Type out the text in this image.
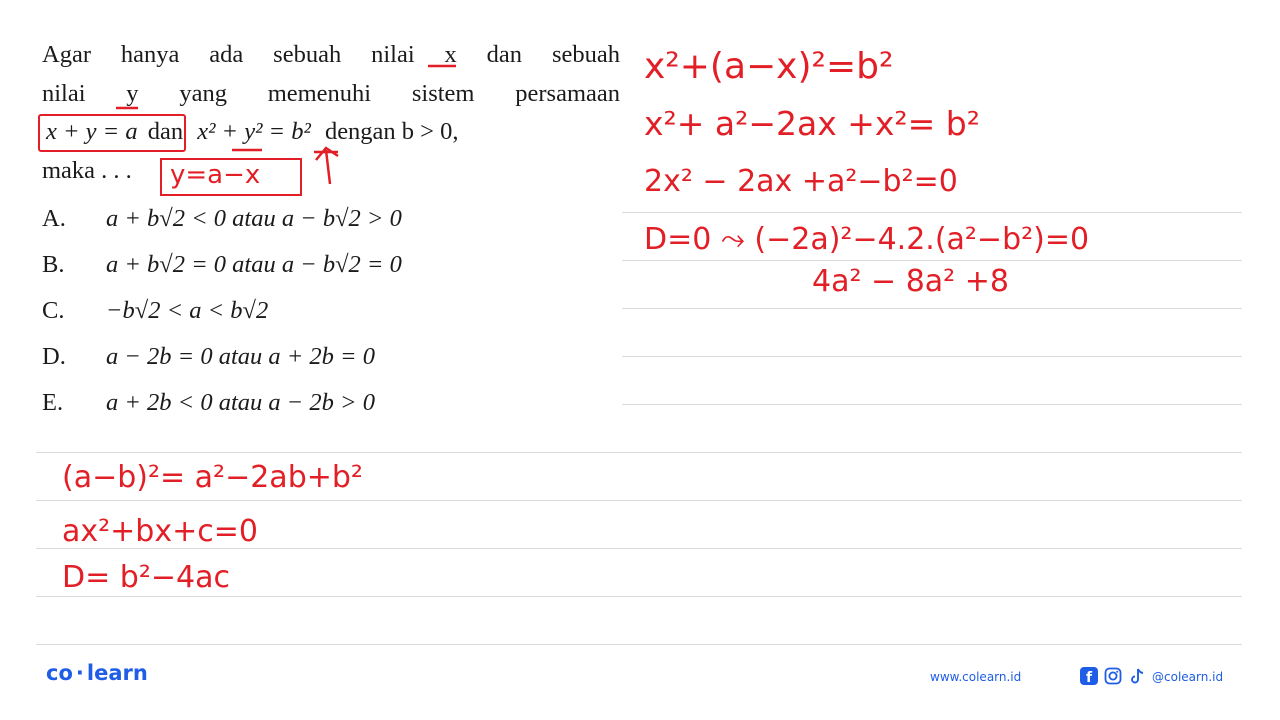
Agar hanya ada sebuah nilai x dan sebuah
nilai y yang memenuhi sistem persamaan
x + y = a dan x² + y² = b² dengan b > 0,
maka . . .
A. a + b√2 < 0 atau a − b√2 > 0
B. a + b√2 = 0 atau a − b√2 = 0
C. −b√2 < a < b√2
D. a − 2b = 0 atau a + 2b = 0
E. a + 2b < 0 atau a − 2b > 0
y=a−x
x²+(a−x)²=b²
x²+ a²−2ax +x²= b²
2x² − 2ax +a²−b²=0
D=0 ⤳ (−2a)²−4.2.(a²−b²)=0
4a² − 8a² +8
(a−b)²= a²−2ab+b²
ax²+bx+c=0
D= b²−4ac
co · learn	www.colearn.id	f	@colearn.id
